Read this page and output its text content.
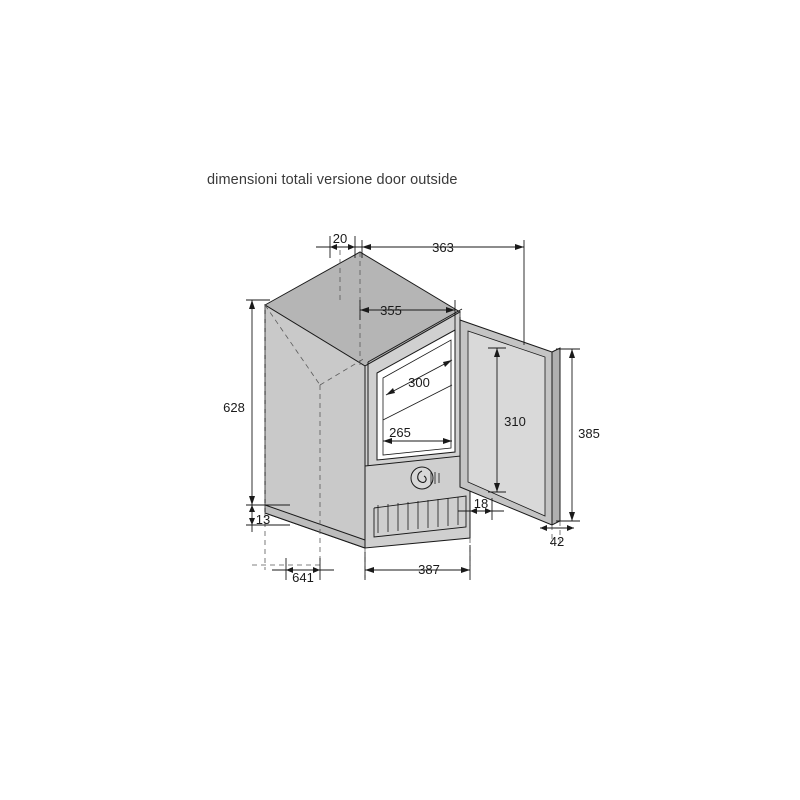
dimensioni totali versione door outside
20
363
355
628
300
265
310
385
13
18
42
641
387
